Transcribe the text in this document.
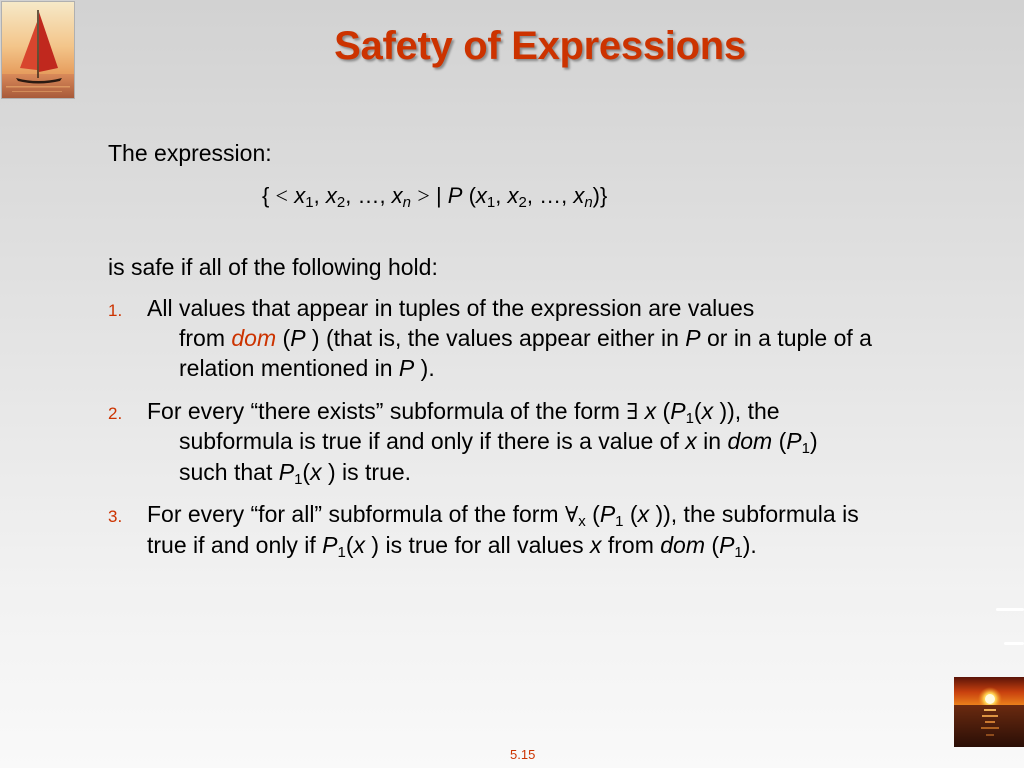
Safety of Expressions
The expression:
{ < $x_1$, $x_2$, …, $x_n$ > | P ($x_1$, $x_2$, …, $x_n$)}
is safe if all of the following hold:
1. All values that appear in tuples of the expression are values
from dom (P ) (that is, the values appear either in P or in a tuple of a
relation mentioned in P ).
2. For every “there exists” subformula of the form ∃ x ($P_1(x$ )), the
subformula is true if and only if there is a value of x in dom $(P_1)$
such that $P_1(x$ ) is true.
3. For every “for all” subformula of the form $\forall_x$ ($P_1$ (x )), the subformula is
true if and only if $P_1(x$ ) is true for all values x from dom $(P_1)$.
5.15
